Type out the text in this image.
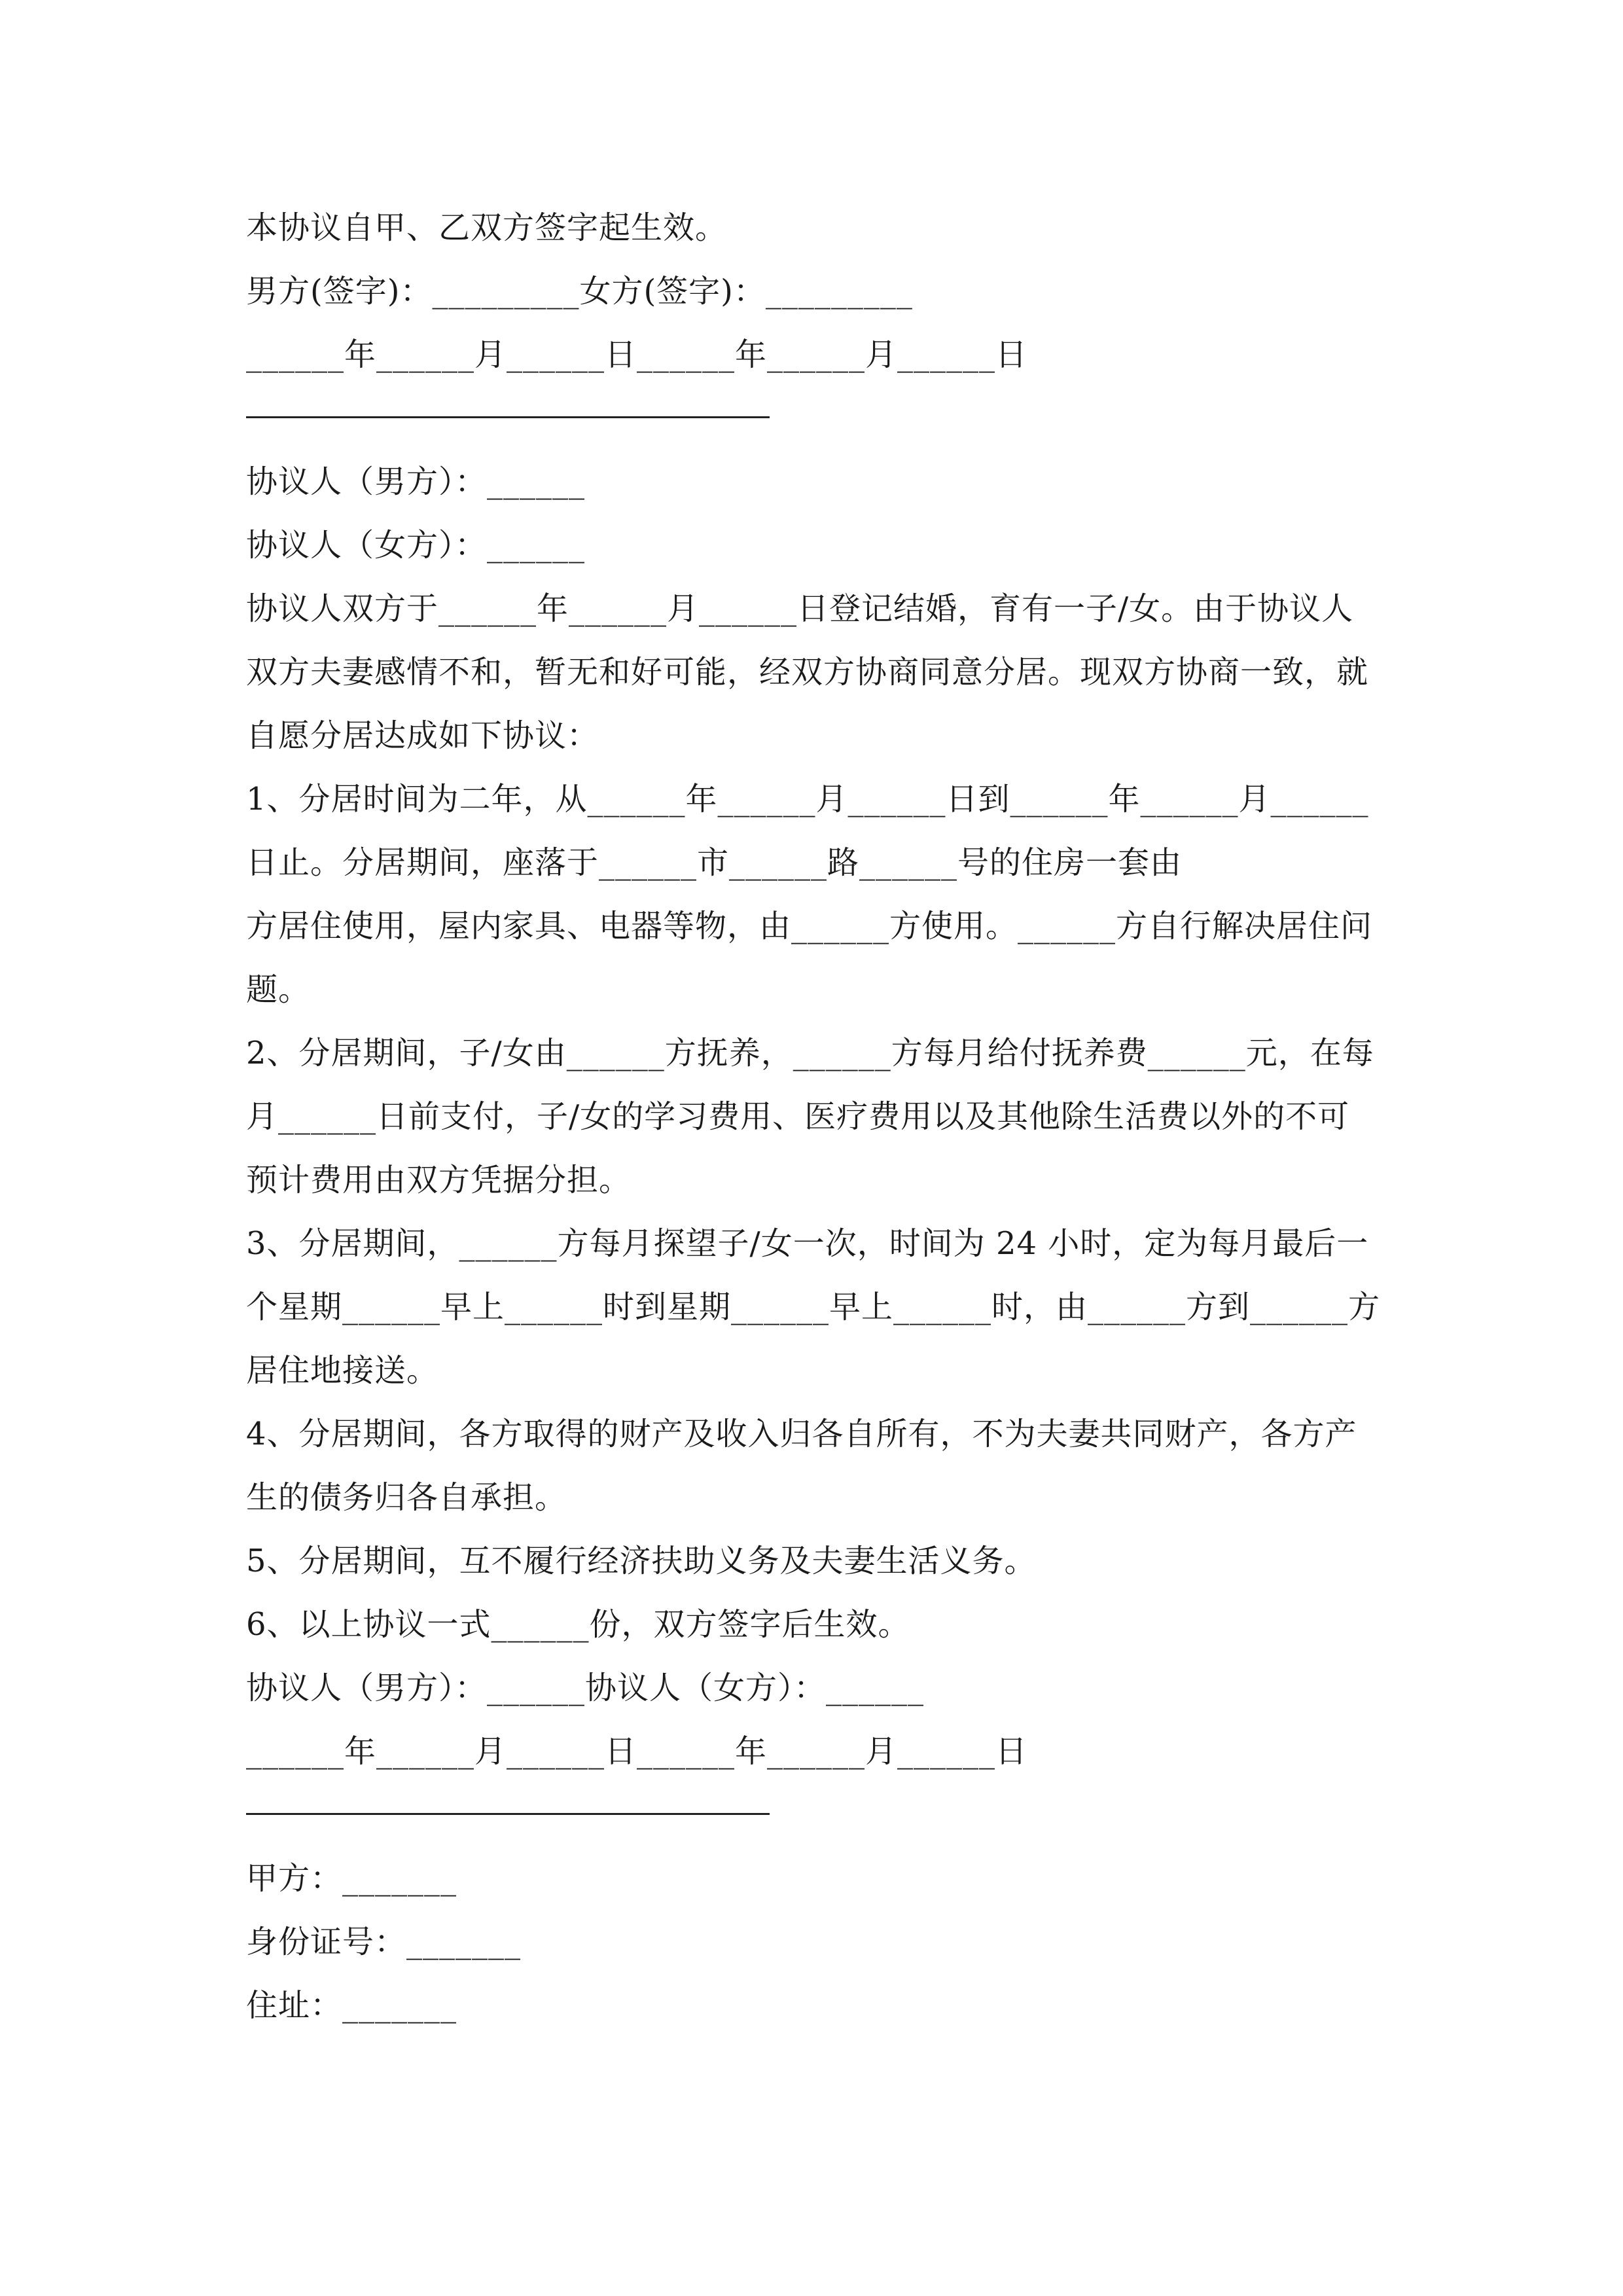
本协议自甲、乙双方签字起生效。
男方(签字)：_________女方(签字)：_________
______年______月______日______年______月______日
协议人（男方）：______
协议人（女方）：______
协议人双方于______年______月______日登记结婚，育有一子/女。由于协议人
双方夫妻感情不和，暂无和好可能，经双方协商同意分居。现双方协商一致，就
自愿分居达成如下协议：
1、分居时间为二年，从______年______月______日到______年______月______
日止。分居期间，座落于______市______路______号的住房一套由
方居住使用，屋内家具、电器等物，由______方使用。______方自行解决居住问
题。
2、分居期间，子/女由______方抚养，______方每月给付抚养费______元，在每
月______日前支付，子/女的学习费用、医疗费用以及其他除生活费以外的不可
预计费用由双方凭据分担。
3、分居期间，______方每月探望子/女一次，时间为 24 小时，定为每月最后一
个星期______早上______时到星期______早上______时，由______方到______方
居住地接送。
4、分居期间，各方取得的财产及收入归各自所有，不为夫妻共同财产，各方产
生的债务归各自承担。
5、分居期间，互不履行经济扶助义务及夫妻生活义务。
6、以上协议一式______份，双方签字后生效。
协议人（男方）：______协议人（女方）：______
______年______月______日______年______月______日
甲方：_______
身份证号：_______
住址：_______
